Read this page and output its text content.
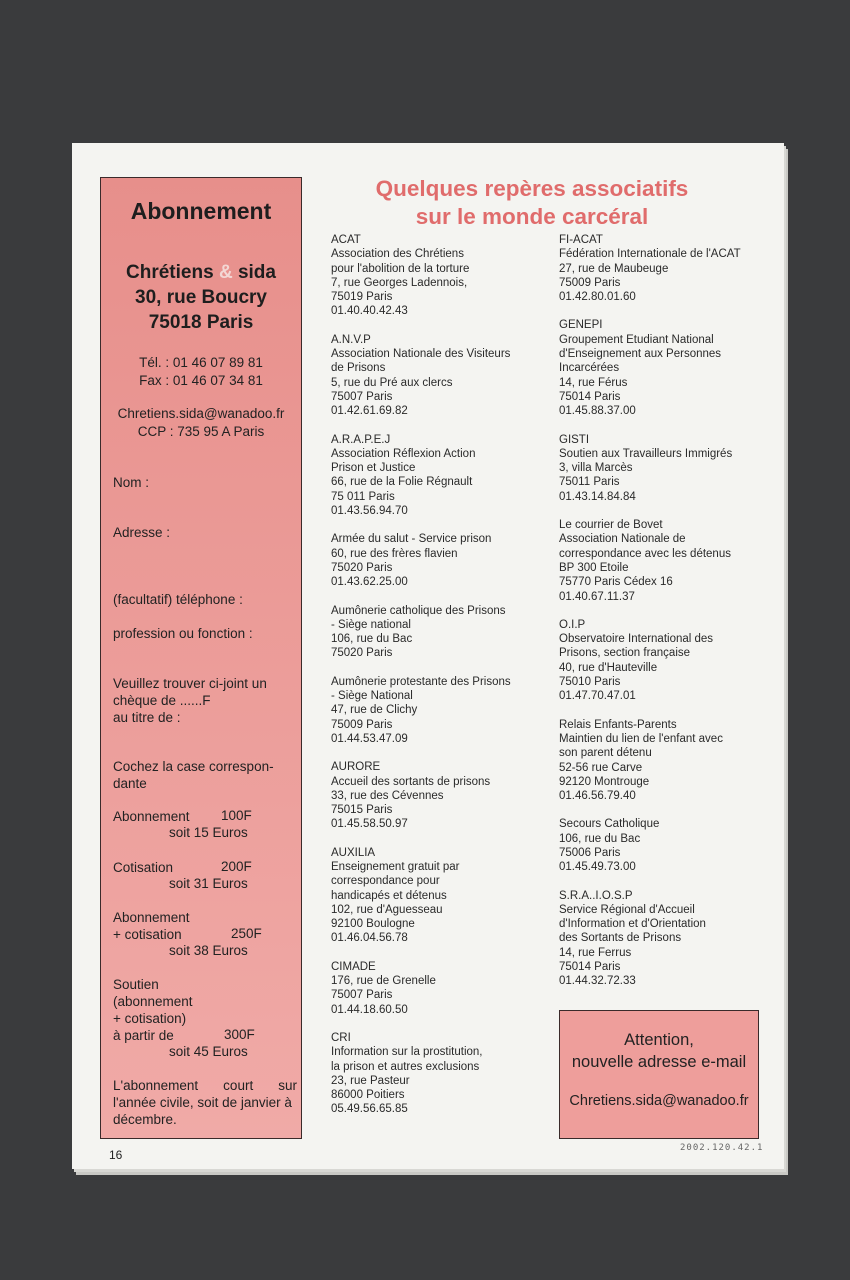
Abonnement
Chrétiens & sida
30, rue Boucry
75018 Paris
Tél. : 01 46 07 89 81
Fax : 01 46 07 34 81
Chretiens.sida@wanadoo.fr
CCP : 735 95 A Paris
Nom :
Adresse :
(facultatif) téléphone :
profession ou fonction :
Veuillez trouver ci-joint un
chèque de ......F
au titre de :
Cochez la case correspon-
dante
Abonnement 100F
soit 15 Euros
Cotisation	200F
soit 31 Euros
Abonnement
+ cotisation	250F
soit 38 Euros
Soutien
(abonnement
+ cotisation)
à partir de	300F
soit 45 Euros
L'abonnement court sur
l'année civile, soit de janvier à
décembre.
Quelques repères associatifs
sur le monde carcéral
ACAT
Association des Chrétiens
pour l'abolition de la torture
7, rue Georges Ladennois,
75019 Paris
01.40.40.42.43
A.N.V.P
Association Nationale des Visiteurs
de Prisons
5, rue du Pré aux clercs
75007 Paris
01.42.61.69.82
A.R.A.P.E.J
Association Réflexion Action
Prison et Justice
66, rue de la Folie Régnault
75 011 Paris
01.43.56.94.70
Armée du salut - Service prison
60, rue des frères flavien
75020 Paris
01.43.62.25.00
Aumônerie catholique des Prisons
- Siège national
106, rue du Bac
75020 Paris
Aumônerie protestante des Prisons
- Siège National
47, rue de Clichy
75009 Paris
01.44.53.47.09
AURORE
Accueil des sortants de prisons
33, rue des Cévennes
75015 Paris
01.45.58.50.97
AUXILIA
Enseignement gratuit par
correspondance pour
handicapés et détenus
102, rue d'Aguesseau
92100 Boulogne
01.46.04.56.78
CIMADE
176, rue de Grenelle
75007 Paris
01.44.18.60.50
CRI
Information sur la prostitution,
la prison et autres exclusions
23, rue Pasteur
86000 Poitiers
05.49.56.65.85
FI-ACAT
Fédération Internationale de l'ACAT
27, rue de Maubeuge
75009 Paris
01.42.80.01.60
GENEPI
Groupement Etudiant National
d'Enseignement aux Personnes
Incarcérées
14, rue Férus
75014 Paris
01.45.88.37.00
GISTI
Soutien aux Travailleurs Immigrés
3, villa Marcès
75011 Paris
01.43.14.84.84
Le courrier de Bovet
Association Nationale de
correspondance avec les détenus
BP 300 Etoile
75770 Paris Cédex 16
01.40.67.11.37
O.I.P
Observatoire International des
Prisons, section française
40, rue d'Hauteville
75010 Paris
01.47.70.47.01
Relais Enfants-Parents
Maintien du lien de l'enfant avec
son parent détenu
52-56 rue Carve
92120 Montrouge
01.46.56.79.40
Secours Catholique
106, rue du Bac
75006 Paris
01.45.49.73.00
S.R.A..I.O.S.P
Service Régional d'Accueil
d'Information et d'Orientation
des Sortants de Prisons
14, rue Ferrus
75014 Paris
01.44.32.72.33
Attention,
nouvelle adresse e-mail
Chretiens.sida@wanadoo.fr
16	2002.120.42.1
